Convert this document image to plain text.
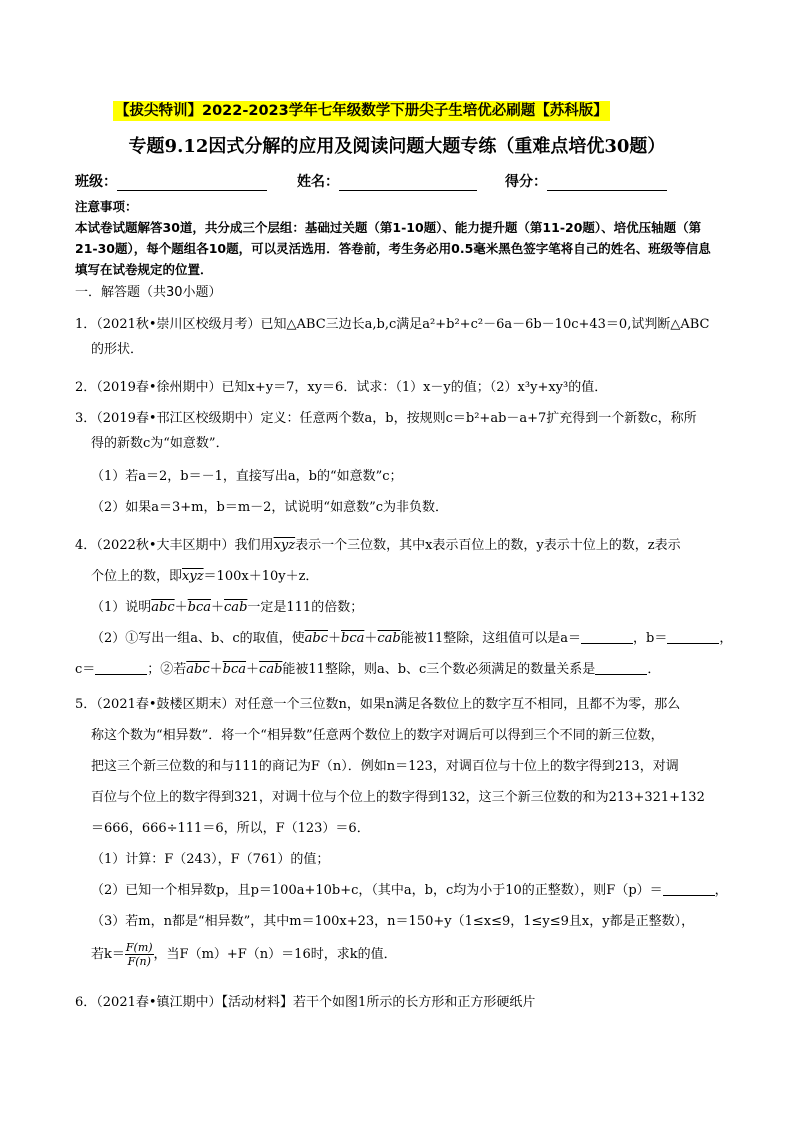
【拔尖特训】2022-2023学年七年级数学下册尖子生培优必刷题【苏科版】
专题9.12因式分解的应用及阅读问题大题专练（重难点培优30题）
班级：	姓名：	得分：
注意事项：
本试卷试题解答30道，共分成三个层组：基础过关题（第1-10题）、能力提升题（第11-20题）、培优压轴题（第21-30题），每个题组各10题，可以灵活选用．答卷前，考生务必用0.5毫米黑色签字笔将自己的姓名、班级等信息填写在试卷规定的位置．
一．解答题（共30小题）
1．（2021秋•崇川区校级月考）已知△ABC三边长a,b,c满足a²+b²+c²－6a－6b－10c+43＝0,试判断△ABC
的形状．
2．（2019春•徐州期中）已知x+y＝7，xy＝6．试求：（1）x－y的值；（2）x³y+xy³的值．
3．（2019春•邗江区校级期中）定义：任意两个数a，b，按规则c＝b²+ab－a+7扩充得到一个新数c，称所
得的新数c为“如意数”．
（1）若a＝2，b＝－1，直接写出a，b的“如意数”c；
（2）如果a＝3+m，b＝m－2，试说明“如意数”c为非负数．
4．（2022秋•大丰区期中）我们用$\overline{xyz}$表示一个三位数，其中x表示百位上的数，y表示十位上的数，z表示
个位上的数，即$\overline{xyz}=100x+10y+z$．
（1）说明$\overline{abc}+\overline{bca}+\overline{cab}$一定是111的倍数；
（2）①写出一组a、b、c的取值，使$\overline{abc}+\overline{bca}+\overline{cab}$能被11整除，这组值可以是a＝	，b＝	，
c＝	；②若$\overline{abc}+\overline{bca}+\overline{cab}$能被11整除，则a、b、c三个数必须满足的数量关系是	．
5．（2021春•鼓楼区期末）对任意一个三位数n，如果n满足各数位上的数字互不相同，且都不为零，那么
称这个数为“相异数”．将一个“相异数”任意两个数位上的数字对调后可以得到三个不同的新三位数，
把这三个新三位数的和与111的商记为F（n）．例如n＝123，对调百位与十位上的数字得到213，对调
百位与个位上的数字得到321，对调十位与个位上的数字得到132，这三个新三位数的和为213+321+132
＝666，666÷111＝6，所以，F（123）＝6．
（1）计算：F（243），F（761）的值；
（2）已知一个相异数p，且p＝100a+10b+c，（其中a，b，c均为小于10的正整数），则F（p）＝	，
（3）若m，n都是“相异数”，其中m＝100x+23，n＝150+y（1≤x≤9，1≤y≤9且x，y都是正整数），
若$k= \frac{F(m)}{F(n)}$ ，当F（m）+F（n）＝16时，求k的值．
6．（2021春•镇江期中）【活动材料】若干个如图1所示的长方形和正方形硬纸片
